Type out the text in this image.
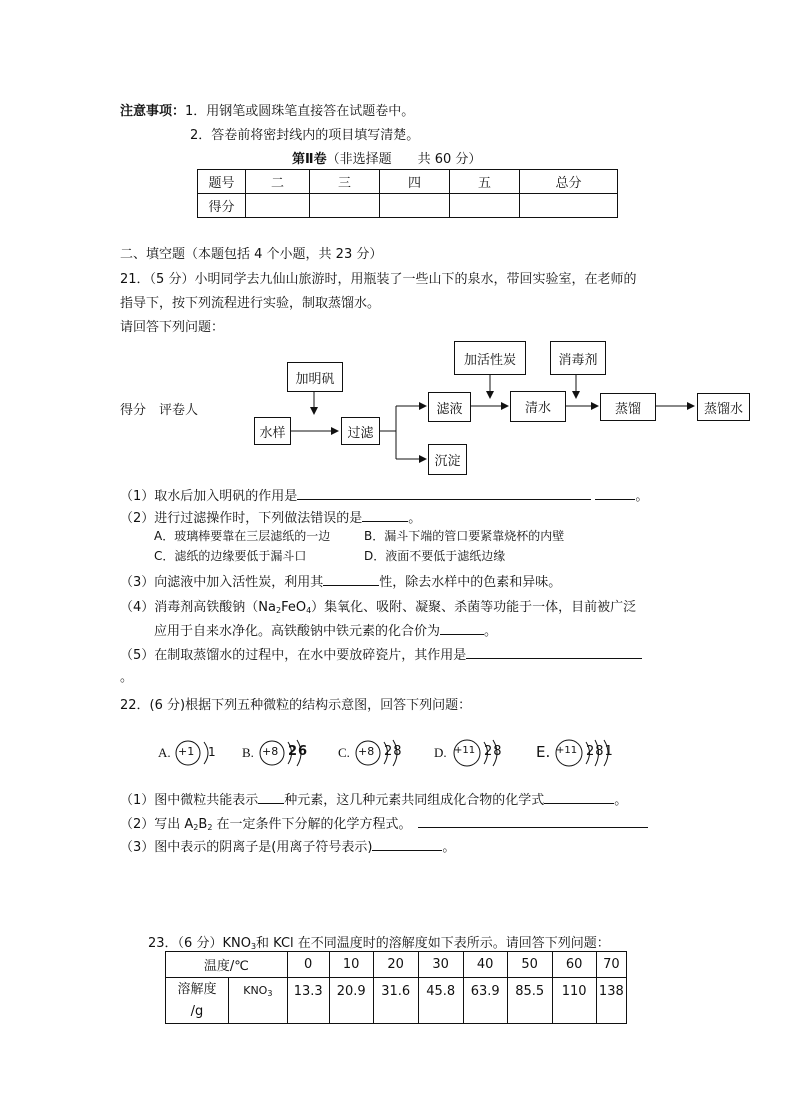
注意事项：1．用钢笔或圆珠笔直接答在试题卷中。
2．答卷前将密封线内的项目填写清楚。
第Ⅱ卷（非选择题　　共 60 分）
题号	二	三	四	五	总分
得分					
二、填空题（本题包括 4 个小题，共 23 分）
21．（5 分）小明同学去九仙山旅游时，用瓶装了一些山下的泉水，带回实验室，在老师的
指导下，按下列流程进行实验，制取蒸馏水。
请回答下列问题：
得分　评卷人
加明矾
加活性炭	消毒剂
水样	过滤
滤液	清水	蒸馏	蒸馏水
沉淀
（1）取水后加入明矾的作用是	。
（2）进行过滤操作时，下列做法错误的是	。
A．玻璃棒要靠在三层滤纸的一边	B．漏斗下端的管口要紧靠烧杯的内壁
C．滤纸的边缘要低于漏斗口	D．液面不要低于滤纸边缘
（3）向滤液中加入活性炭，利用其	性，除去水样中的色素和异味。
（4）消毒剂高铁酸钠$(Na_2FeO_4)$集氧化、吸附、凝聚、杀菌等功能于一体，目前被广泛
应用于自来水净化。高铁酸钠中铁元素的化合价为	。
（5）在制取蒸馏水的过程中，在水中要放碎瓷片，其作用是
。
22．(6 分)根据下列五种微粒的结构示意图，回答下列问题：
A. +1 1 B. +8 26 C. +8 28 D. +11 28 E. +11 281
（1）图中微粒共能表示 种元素，这几种元素共同组成化合物的化学式	。
（2）写出 $A_2B_2$ 在一定条件下分解的化学方程式。
（3）图中表示的阴离子是(用离子符号表示)	。
23．（6 分）$KNO_3$和 KCl 在不同温度时的溶解度如下表所示。请回答下列问题：
温度/℃		0	10	20	30	40	50	60	70

溶解度
/g	$KNO_3$	13.3	20.9	31.6	45.8	63.9	85.5	110	138
